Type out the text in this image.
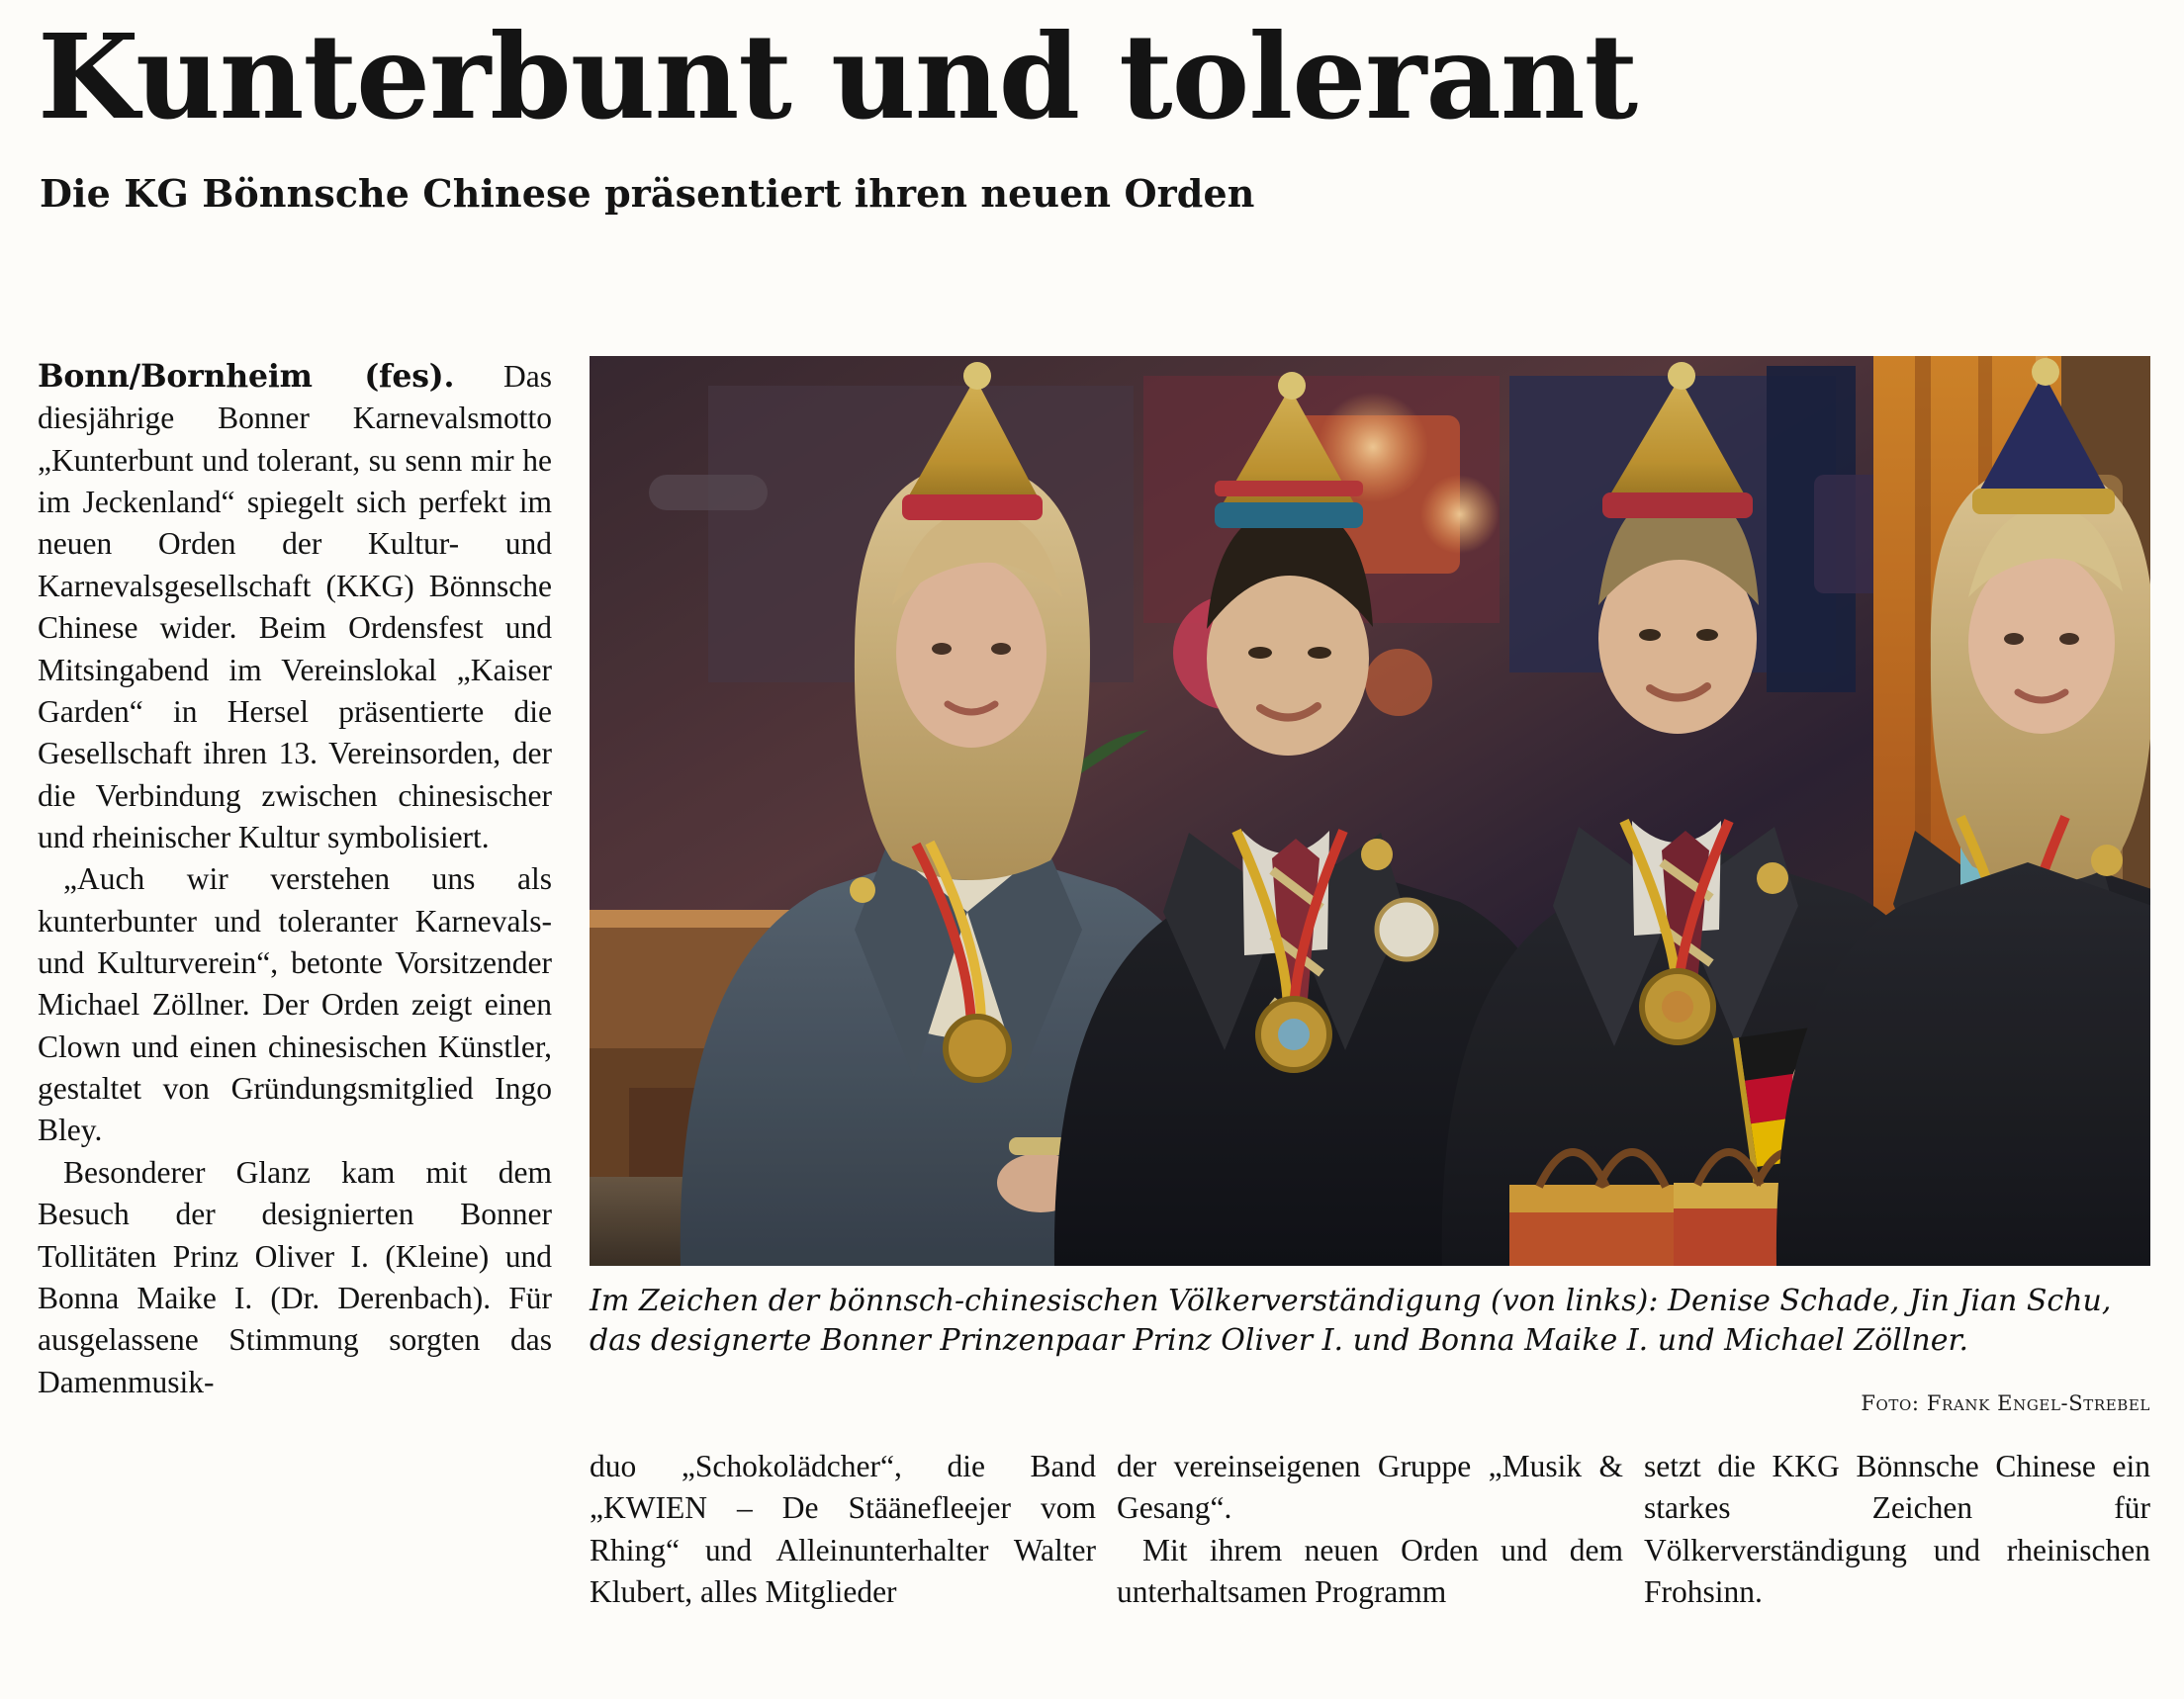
Kunterbunt und tolerant
Die KG Bönnsche Chinese präsentiert ihren neuen Orden

Bonn/Bornheim (fes). Das diesjährige Bonner Karnevalsmotto „Kunterbunt und tolerant, su senn mir he im Jeckenland“ spiegelt sich perfekt im neuen Orden der Kultur- und Karnevalsgesellschaft (KKG) Bönnsche Chinese wider. Beim Ordensfest und Mitsingabend im Vereinslokal „Kaiser Garden“ in Hersel präsentierte die Gesellschaft ihren 13. Vereinsorden, der die Verbindung zwischen chinesischer und rheinischer Kultur symbolisiert.

„Auch wir verstehen uns als kunterbunter und toleranter Karnevals- und Kulturverein“, betonte Vorsitzender Michael Zöllner. Der Orden zeigt einen Clown und einen chinesischen Künstler, gestaltet von Gründungsmitglied Ingo Bley.

Besonderer Glanz kam mit dem Besuch der designierten Bonner Tollitäten Prinz Oliver I. (Kleine) und Bonna Maike I. (Dr. Derenbach). Für ausgelassene Stimmung sorgten das Damenmusik-

Im Zeichen der bönnsch-chinesischen Völkerverständigung (von links): Denise Schade, Jin Jian Schu, das designerte Bonner Prinzenpaar Prinz Oliver I. und Bonna Maike I. und Michael Zöllner.
Foto: Frank Engel-Strebel

duo „Schokolädcher“, die Band „KWIEN – De Stäänefleejer vom Rhing“ und Alleinunterhalter Walter Klubert, alles Mitglieder

der vereinseigenen Gruppe „Musik & Gesang“.

Mit ihrem neuen Orden und dem unterhaltsamen Programm

setzt die KKG Bönnsche Chinese ein starkes Zeichen für Völkerverständigung und rheinischen Frohsinn.
